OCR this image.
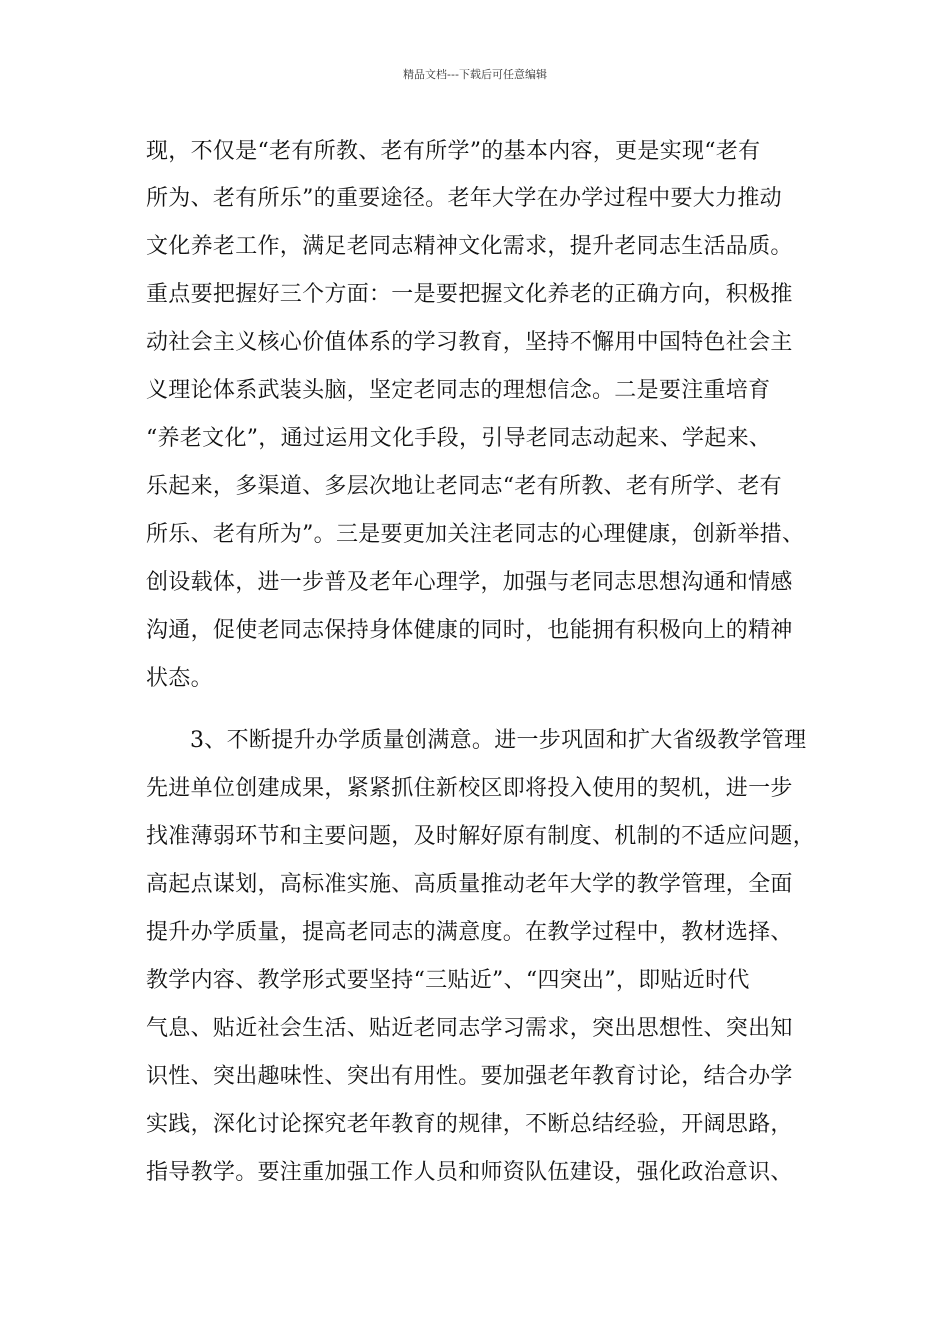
精品文档---下载后可任意编辑
现，不仅是“老有所教、老有所学”的基本内容，更是实现“老有
所为、老有所乐”的重要途径。老年大学在办学过程中要大力推动
文化养老工作，满足老同志精神文化需求，提升老同志生活品质。
重点要把握好三个方面：一是要把握文化养老的正确方向，积极推
动社会主义核心价值体系的学习教育，坚持不懈用中国特色社会主
义理论体系武装头脑，坚定老同志的理想信念。二是要注重培育
“养老文化”，通过运用文化手段，引导老同志动起来、学起来、
乐起来，多渠道、多层次地让老同志“老有所教、老有所学、老有
所乐、老有所为”。三是要更加关注老同志的心理健康，创新举措、
创设载体，进一步普及老年心理学，加强与老同志思想沟通和情感
沟通，促使老同志保持身体健康的同时，也能拥有积极向上的精神
状态。
3、不断提升办学质量创满意。进一步巩固和扩大省级教学管理
先进单位创建成果，紧紧抓住新校区即将投入使用的契机，进一步
找准薄弱环节和主要问题，及时解好原有制度、机制的不适应问题，
高起点谋划，高标准实施、高质量推动老年大学的教学管理，全面
提升办学质量，提高老同志的满意度。在教学过程中，教材选择、
教学内容、教学形式要坚持“三贴近”、“四突出”，即贴近时代
气息、贴近社会生活、贴近老同志学习需求，突出思想性、突出知
识性、突出趣味性、突出有用性。要加强老年教育讨论，结合办学
实践，深化讨论探究老年教育的规律，不断总结经验，开阔思路，
指导教学。要注重加强工作人员和师资队伍建设，强化政治意识、
